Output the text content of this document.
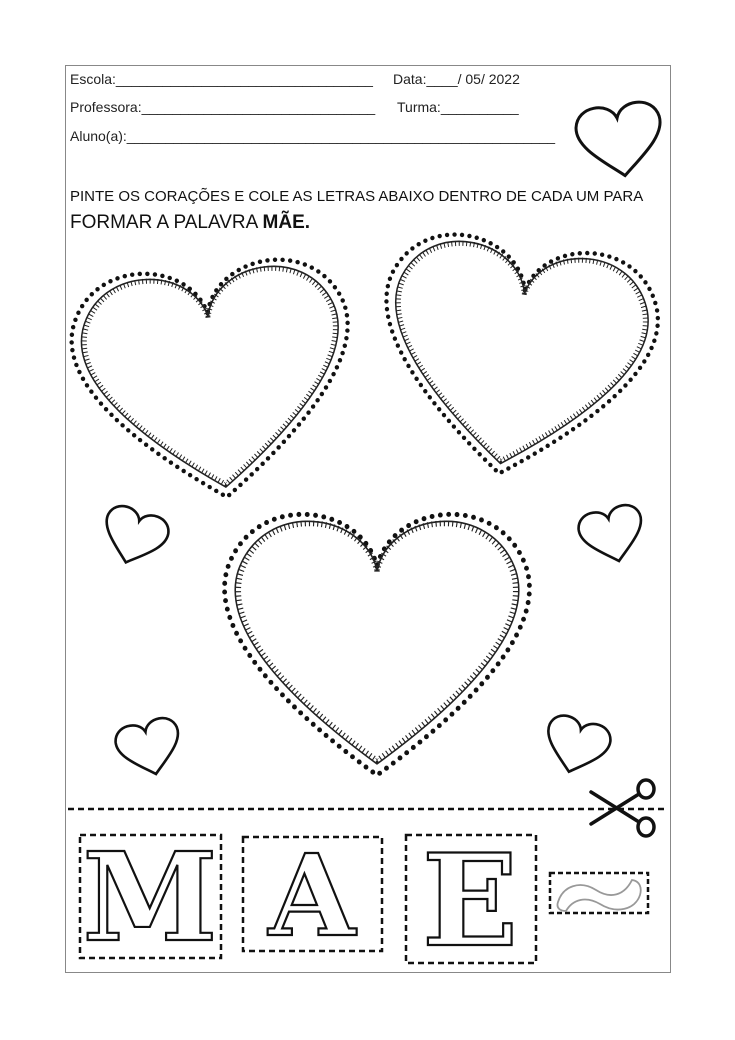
Escola:_________________________________ Data:____/ 05/ 2022
Professora:______________________________ Turma:__________
Aluno(a):_______________________________________________________
PINTE OS CORAÇÕES E COLE AS LETRAS ABAIXO DENTRO DE CADA UM PARA
FORMAR A PALAVRA MÃE.
M A E
